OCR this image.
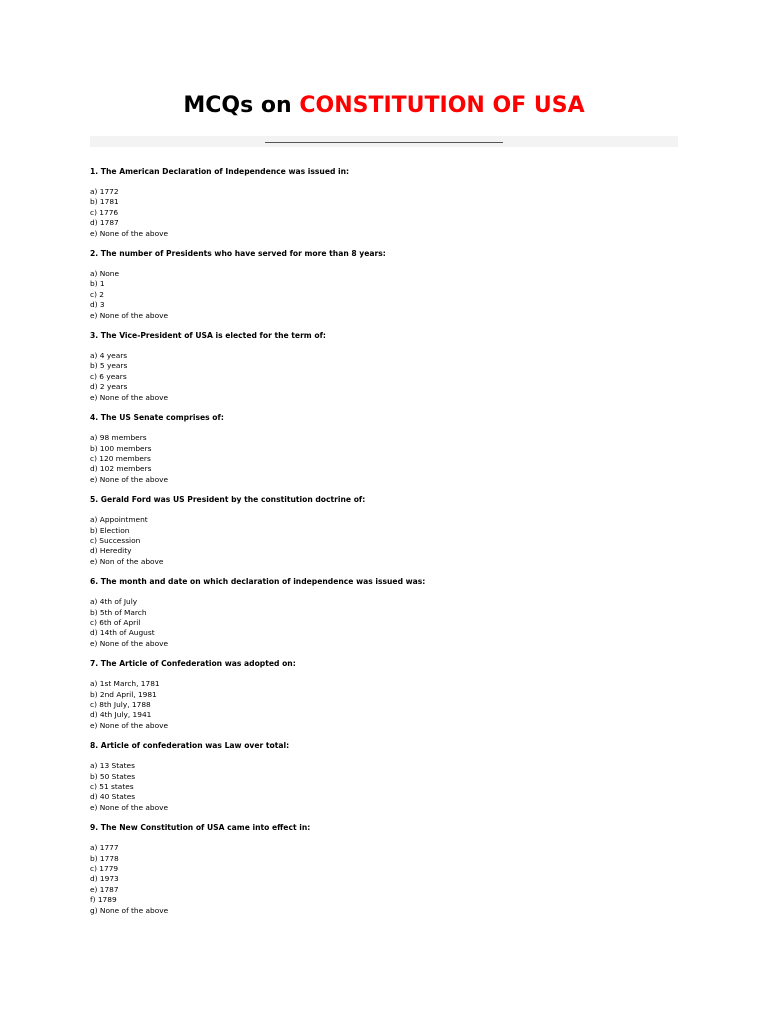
MCQs on CONSTITUTION OF USA
1. The American Declaration of Independence was issued in:
a) 1772
b) 1781
c) 1776
d) 1787
e) None of the above
2. The number of Presidents who have served for more than 8 years:
a) None
b) 1
c) 2
d) 3
e) None of the above
3. The Vice-President of USA is elected for the term of:
a) 4 years
b) 5 years
c) 6 years
d) 2 years
e) None of the above
4. The US Senate comprises of:
a) 98 members
b) 100 members
c) 120 members
d) 102 members
e) None of the above
5. Gerald Ford was US President by the constitution doctrine of:
a) Appointment
b) Election
c) Succession
d) Heredity
e) Non of the above
6. The month and date on which declaration of independence was issued was:
a) 4th of July
b) 5th of March
c) 6th of April
d) 14th of August
e) None of the above
7. The Article of Confederation was adopted on:
a) 1st March, 1781
b) 2nd April, 1981
c) 8th July, 1788
d) 4th July, 1941
e) None of the above
8. Article of confederation was Law over total:
a) 13 States
b) 50 States
c) 51 states
d) 40 States
e) None of the above
9. The New Constitution of USA came into effect in:
a) 1777
b) 1778
c) 1779
d) 1973
e) 1787
f) 1789
g) None of the above
